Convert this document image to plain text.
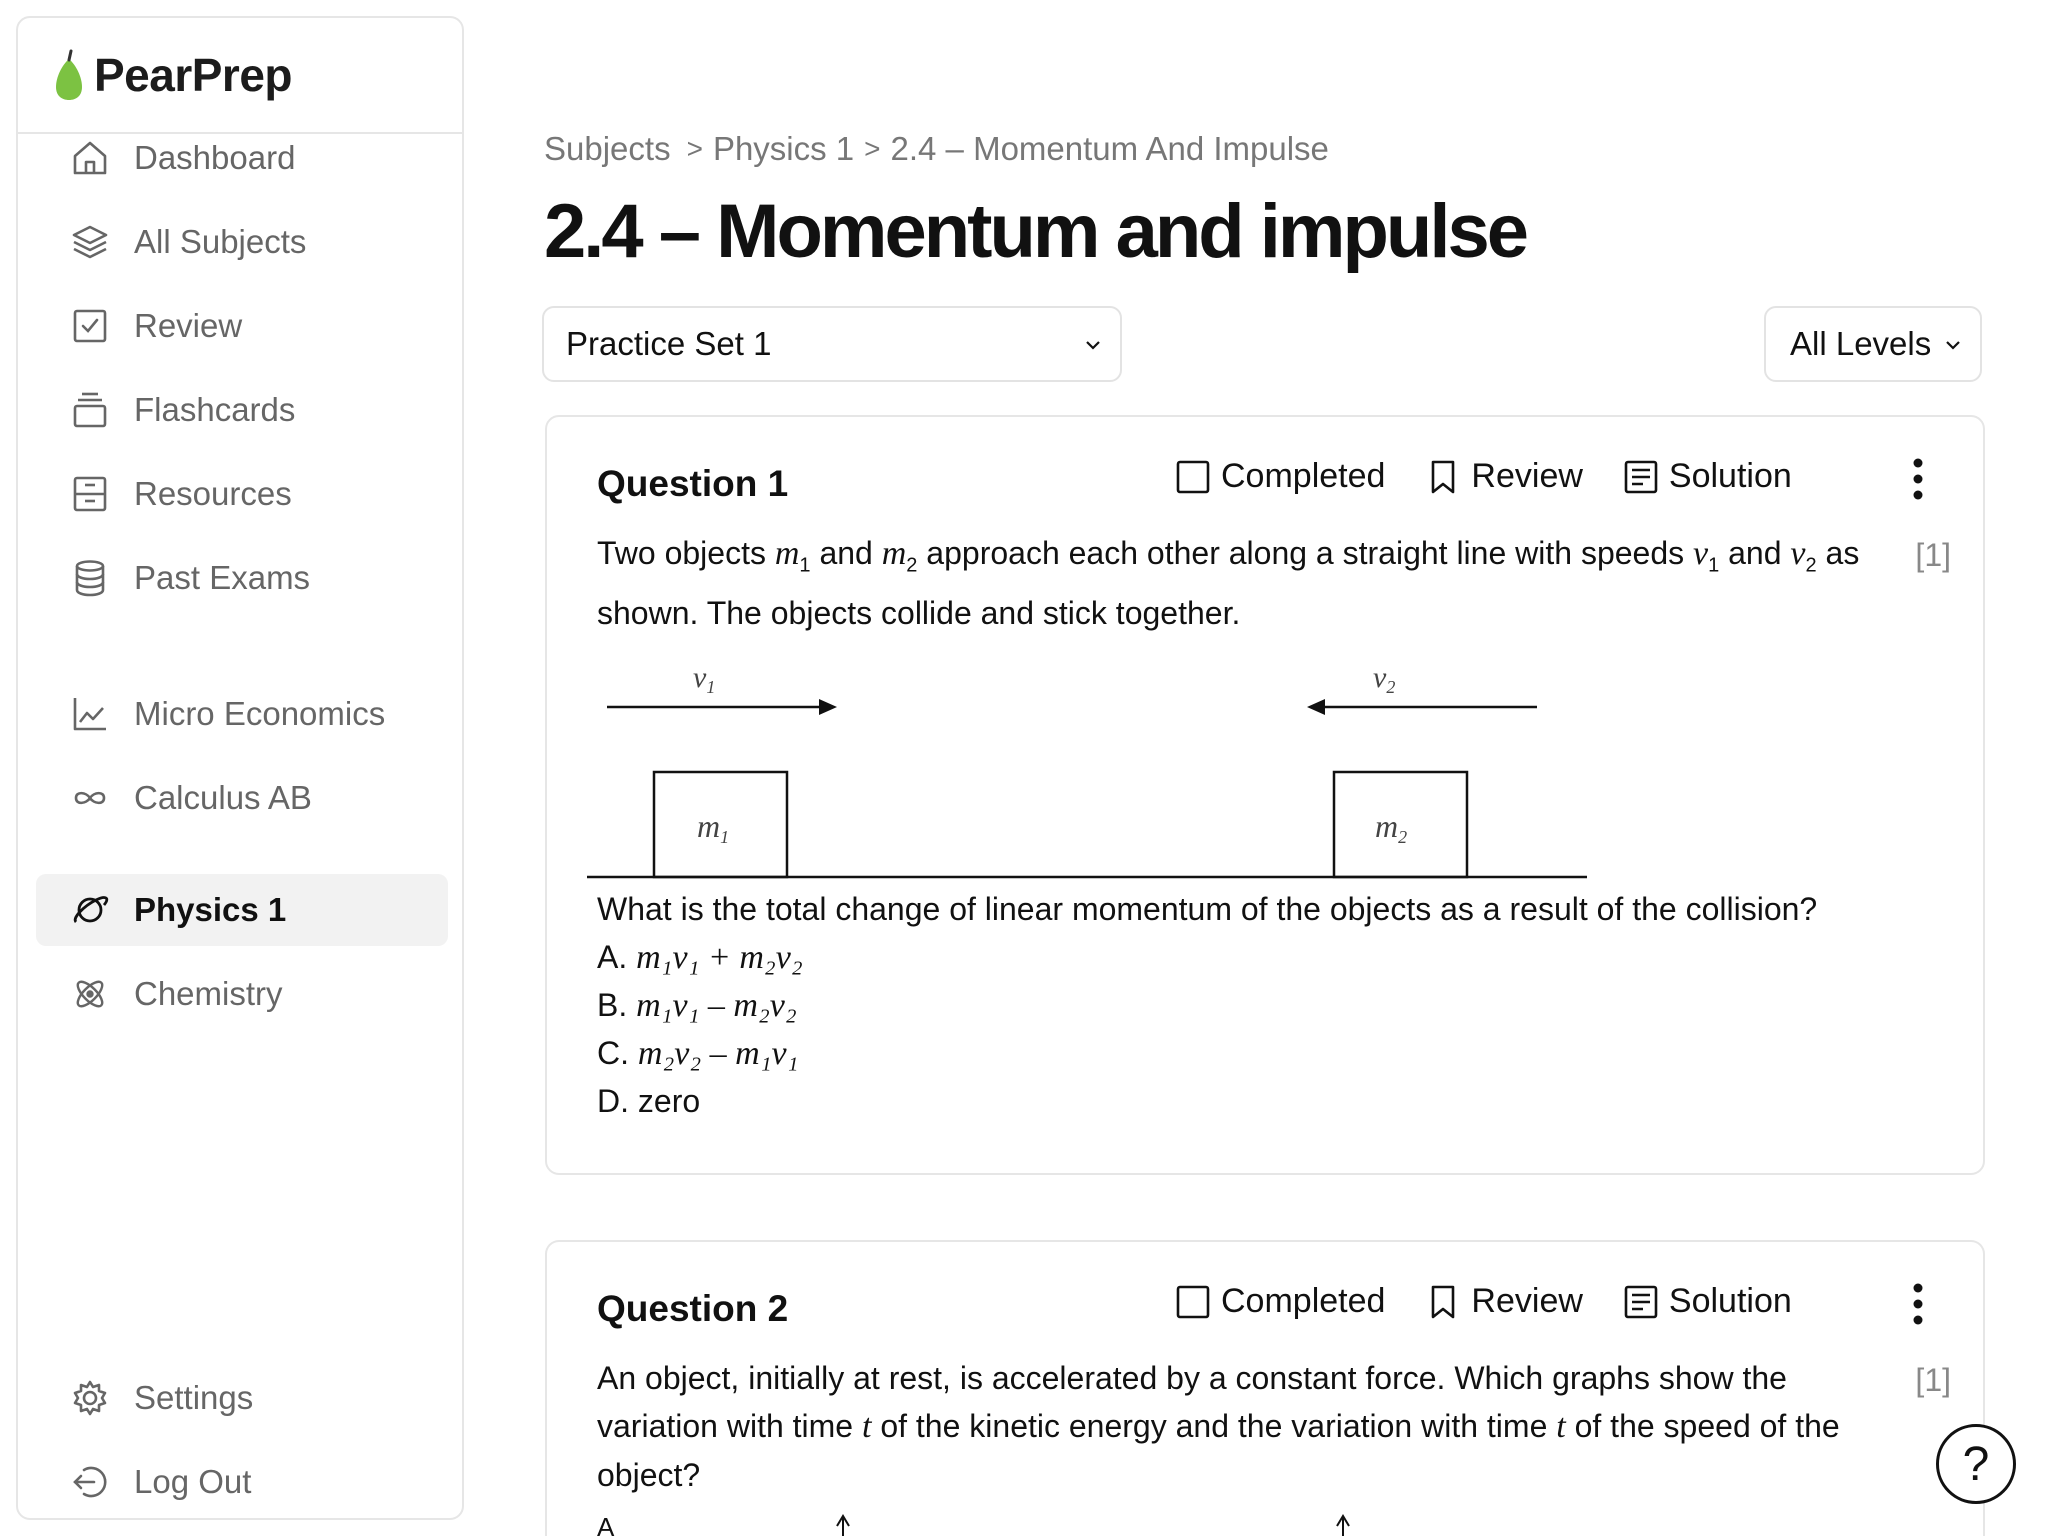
PearPrep
Dashboard
All Subjects
Review
Flashcards
Resources
Past Exams
Micro Economics
Calculus AB
Physics 1
Chemistry
Settings
Log Out
Subjects > Physics 1 > 2.4 – Momentum And Impulse
2.4 – Momentum and impulse
Practice Set 1	All Levels
Question 1	Completed	Review	Solution
[1]
Two objects $m_1$ and $m_2$ approach each other along a straight line with speeds $v_1$ and $v_2$ as shown. The objects collide and stick together.
$v_1$	$v_2$
m1	m2
What is the total change of linear momentum of the objects as a result of the collision?
A. m₁v₁ + m₂v₂
B. m₁v₁ – m₂v₂
C. m₂v₂ – m₁v₁
D. zero
Question 2	Completed	Review	Solution
[1]
An object, initially at rest, is accelerated by a constant force. Which graphs show the variation with time t of the kinetic energy and the variation with time t of the speed of the object?
A
?
